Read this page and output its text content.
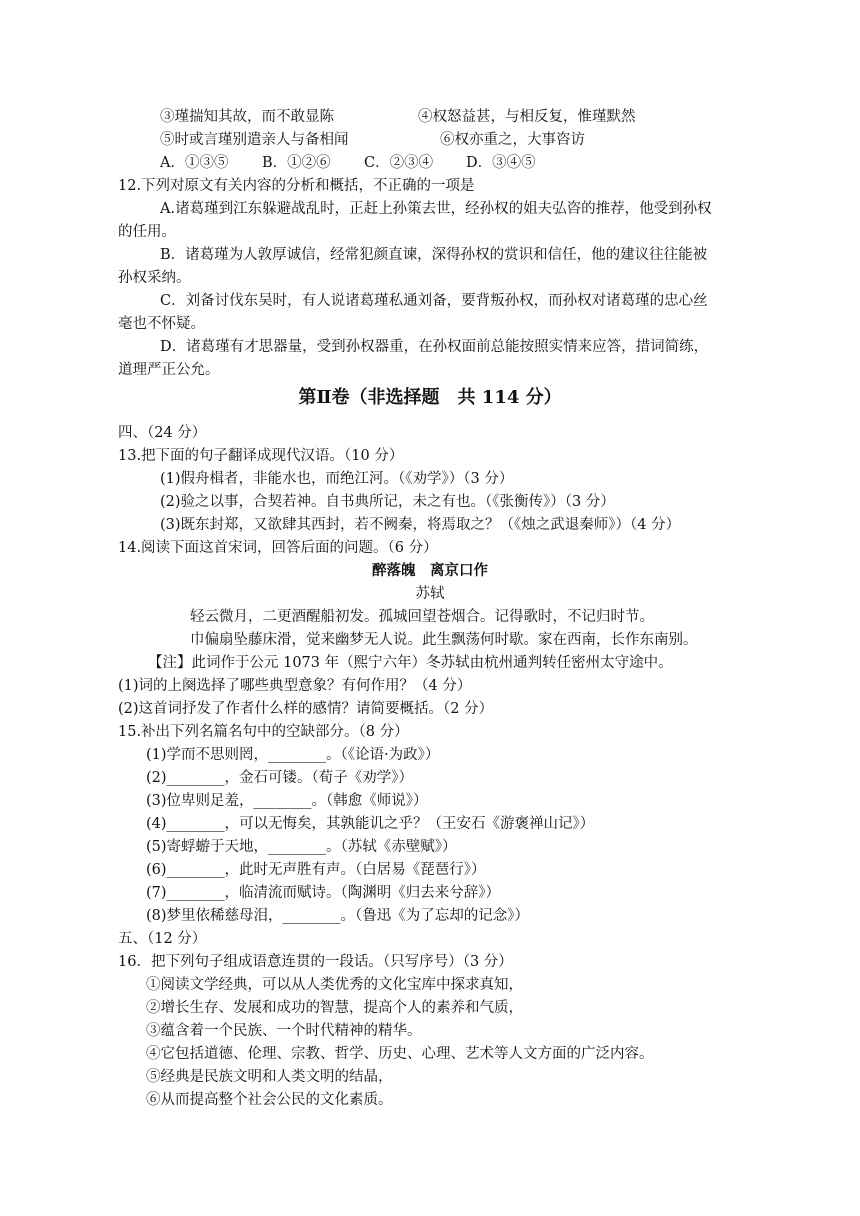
③瑾揣知其故，而不敢显陈	④权怒益甚，与相反复，惟瑾默然
⑤时或言瑾别遣亲人与备相闻	⑥权亦重之，大事咨访
A．①③⑤ B．①②⑥ C．②③④ D．③④⑤
12.下列对原文有关内容的分析和概括，不正确的一项是
A.诸葛瑾到江东躲避战乱时，正赶上孙策去世，经孙权的姐夫弘咨的推荐，他受到孙权
的任用。
B．诸葛瑾为人敦厚诚信，经常犯颜直谏，深得孙权的赏识和信任，他的建议往往能被
孙权采纳。
C．刘备讨伐东吴时，有人说诸葛瑾私通刘备，要背叛孙权，而孙权对诸葛瑾的忠心丝
毫也不怀疑。
D．诸葛瑾有才思器量，受到孙权器重，在孙权面前总能按照实情来应答，措词简练，
道理严正公允。
第Ⅱ卷（非选择题　共 114 分）
四、（24 分）
13.把下面的句子翻译成现代汉语。（10 分）
(1)假舟楫者，非能水也，而绝江河。（《劝学》）（3 分）
(2)验之以事，合契若神。自书典所记，未之有也。（《张衡传》）（3 分）
(3)既东封郑，又欲肆其西封，若不阙秦，将焉取之？（《烛之武退秦师》）（4 分）
14.阅读下面这首宋词，回答后面的问题。（6 分）
醉落魄　离京口作
苏轼
轻云微月，二更酒醒船初发。孤城回望苍烟合。记得歌时，不记归时节。
巾偏扇坠藤床滑，觉来幽梦无人说。此生飘荡何时歇。家在西南，长作东南别。
【注】此词作于公元 1073 年（熙宁六年）冬苏轼由杭州通判转任密州太守途中。
(1)词的上阕选择了哪些典型意象？有何作用？（4 分）
(2)这首词抒发了作者什么样的感情？请简要概括。（2 分）
15.补出下列名篇名句中的空缺部分。（8 分）
(1)学而不思则罔，________。（《论语·为政》）
(2)________，金石可镂。（荀子《劝学》）
(3)位卑则足羞，________。（韩愈《师说》）
(4)________，可以无悔矣，其孰能讥之乎？（王安石《游褒禅山记》）
(5)寄蜉蝣于天地，________。（苏轼《赤壁赋》）
(6)________，此时无声胜有声。（白居易《琵琶行》）
(7)________，临清流而赋诗。（陶渊明《归去来兮辞》）
(8)梦里依稀慈母泪，________。（鲁迅《为了忘却的记念》）
五、（12 分）
16．把下列句子组成语意连贯的一段话。（只写序号）（3 分）
①阅读文学经典，可以从人类优秀的文化宝库中探求真知，
②增长生存、发展和成功的智慧，提高个人的素养和气质，
③蕴含着一个民族、一个时代精神的精华。
④它包括道德、伦理、宗教、哲学、历史、心理、艺术等人文方面的广泛内容。
⑤经典是民族文明和人类文明的结晶，
⑥从而提高整个社会公民的文化素质。
